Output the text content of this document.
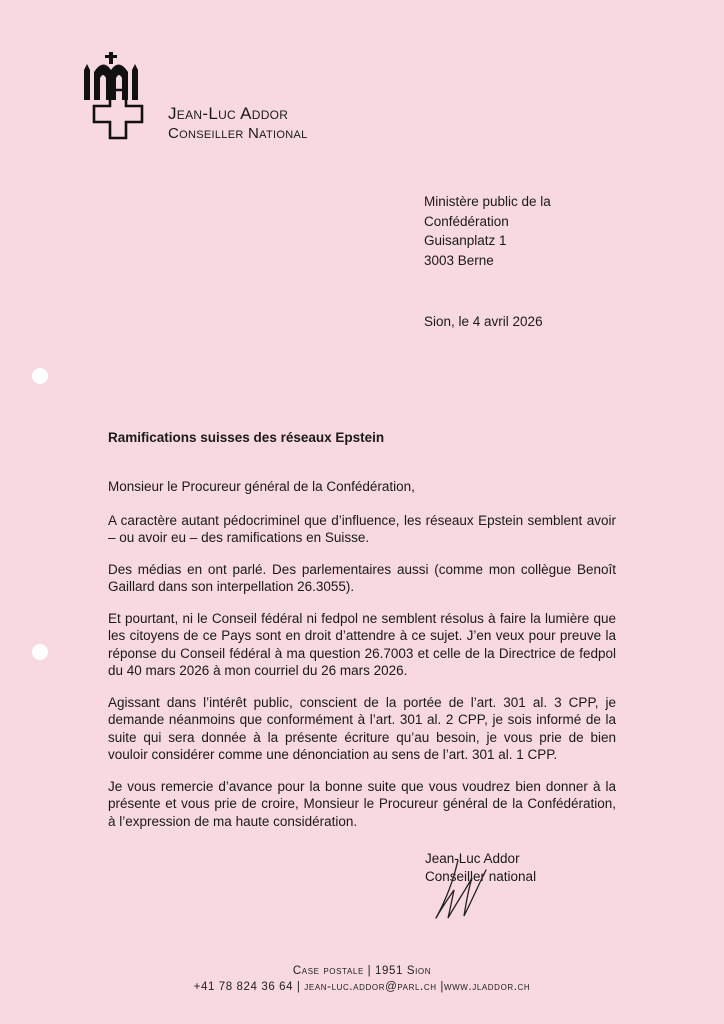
Jean-Luc Addor
Conseiller National
Ministère public de la
Confédération
Guisanplatz 1
3003 Berne
Sion, le 4 avril 2026
Ramifications suisses des réseaux Epstein

Monsieur le Procureur général de la Confédération,

A caractère autant pédocriminel que d’influence, les réseaux Epstein semblent avoir – ou avoir eu – des ramifications en Suisse.

Des médias en ont parlé. Des parlementaires aussi (comme mon collègue Benoît Gaillard dans son interpellation 26.3055).

Et pourtant, ni le Conseil fédéral ni fedpol ne semblent résolus à faire la lumière que les citoyens de ce Pays sont en droit d’attendre à ce sujet. J’en veux pour preuve la réponse du Conseil fédéral à ma question 26.7003 et celle de la Directrice de fedpol du 40 mars 2026 à mon courriel du 26 mars 2026.

Agissant dans l’intérêt public, conscient de la portée de l’art. 301 al. 3 CPP, je demande néanmoins que conformément à l’art. 301 al. 2 CPP, je sois informé de la suite qui sera donnée à la présente écriture qu’au besoin, je vous prie de bien vouloir considérer comme une dénonciation au sens de l’art. 301 al. 1 CPP.

Je vous remercie d’avance pour la bonne suite que vous voudrez bien donner à la présente et vous prie de croire, Monsieur le Procureur général de la Confédération, à l’expression de ma haute considération.

Jean-Luc Addor
Conseiller national
Case postale | 1951 Sion
+41 78 824 36 64 | jean-luc.addor@parl.ch |www.jladdor.ch
